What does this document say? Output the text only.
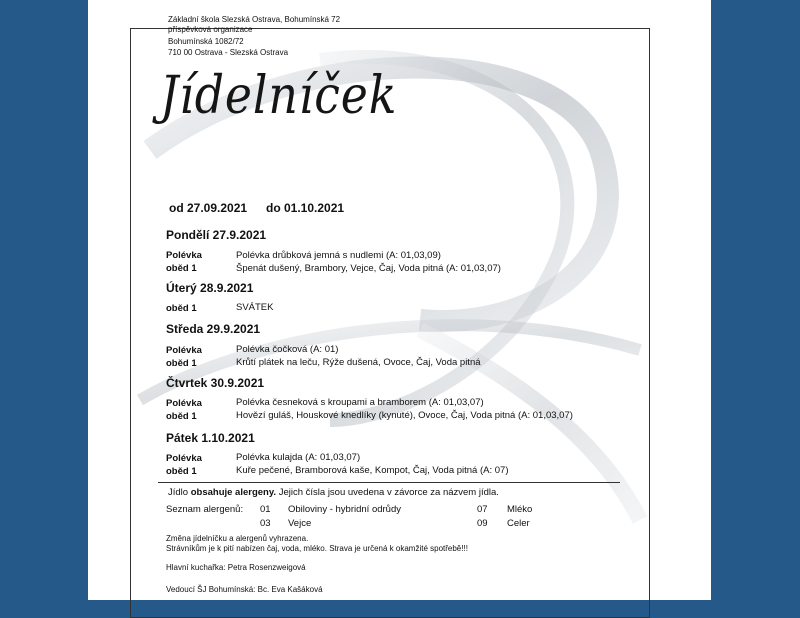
Základní škola Slezská Ostrava, Bohumínská 72
příspěvková organizace
Bohumínská 1082/72
710 00 Ostrava - Slezská Ostrava
Jídelníček
od 27.09.2021 do 01.10.2021
Pondělí 27.9.2021
Polévka	Polévka drůbková jemná s nudlemi (A: 01,03,09)
oběd 1	Špenát dušený, Brambory, Vejce, Čaj, Voda pitná (A: 01,03,07)
Úterý 28.9.2021
oběd 1	SVÁTEK
Středa 29.9.2021
Polévka	Polévka čočková (A: 01)
oběd 1	Krůtí plátek na leču, Rýže dušená, Ovoce, Čaj, Voda pitná
Čtvrtek 30.9.2021
Polévka	Polévka česneková s kroupami a bramborem (A: 01,03,07)
oběd 1	Hovězí guláš, Houskové knedlíky (kynuté), Ovoce, Čaj, Voda pitná (A: 01,03,07)
Pátek 1.10.2021
Polévka	Polévka kulajda (A: 01,03,07)
oběd 1	Kuře pečené, Bramborová kaše, Kompot, Čaj, Voda pitná (A: 07)
Jídlo obsahuje alergeny. Jejich čísla jsou uvedena v závorce za názvem jídla.
Seznam alergenů: 01 Obiloviny - hybridní odrůdy	07 Mléko
03 Vejce	09 Celer
Změna jídelníčku a alergenů vyhrazena.
Strávníkům je k pití nabízen čaj, voda, mléko. Strava je určená k okamžité spotřebě!!!
Hlavní kuchařka: Petra Rosenzweigová
Vedoucí ŠJ Bohumínská: Bc. Eva Kašáková
